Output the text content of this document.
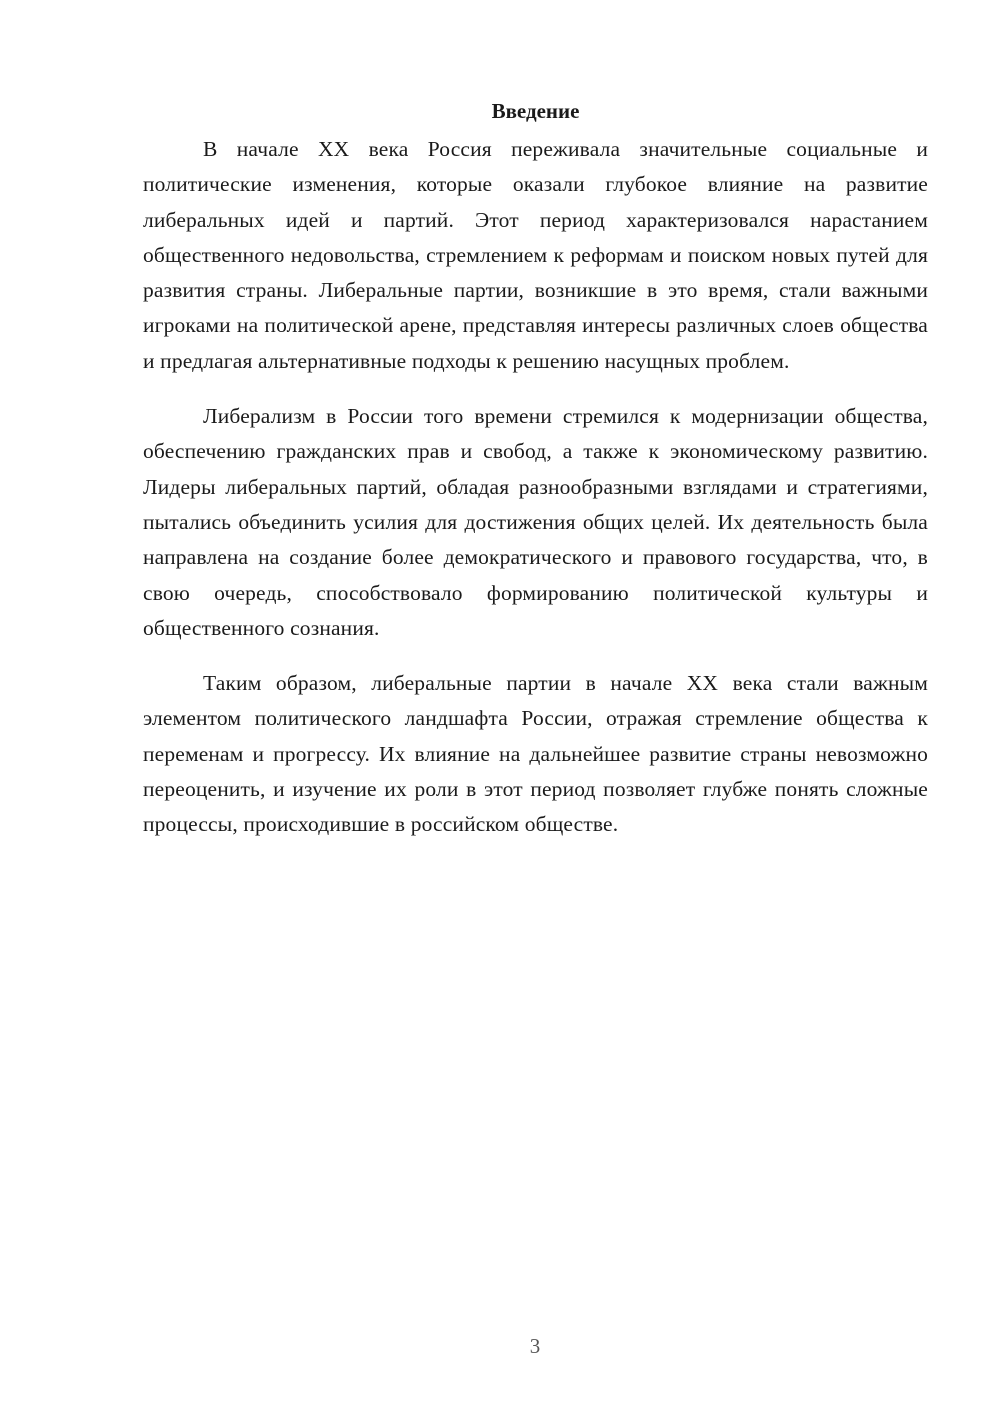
Введение

В начале XX века Россия переживала значительные социальные и политические изменения, которые оказали глубокое влияние на развитие либеральных идей и партий. Этот период характеризовался нарастанием общественного недовольства, стремлением к реформам и поиском новых путей для развития страны. Либеральные партии, возникшие в это время, стали важными игроками на политической арене, представляя интересы различных слоев общества и предлагая альтернативные подходы к решению насущных проблем.

Либерализм в России того времени стремился к модернизации общества, обеспечению гражданских прав и свобод, а также к экономическому развитию. Лидеры либеральных партий, обладая разнообразными взглядами и стратегиями, пытались объединить усилия для достижения общих целей. Их деятельность была направлена на создание более демократического и правового государства, что, в свою очередь, способствовало формированию политической культуры и общественного сознания.

Таким образом, либеральные партии в начале XX века стали важным элементом политического ландшафта России, отражая стремление общества к переменам и прогрессу. Их влияние на дальнейшее развитие страны невозможно переоценить, и изучение их роли в этот период позволяет глубже понять сложные процессы, происходившие в российском обществе.

3
